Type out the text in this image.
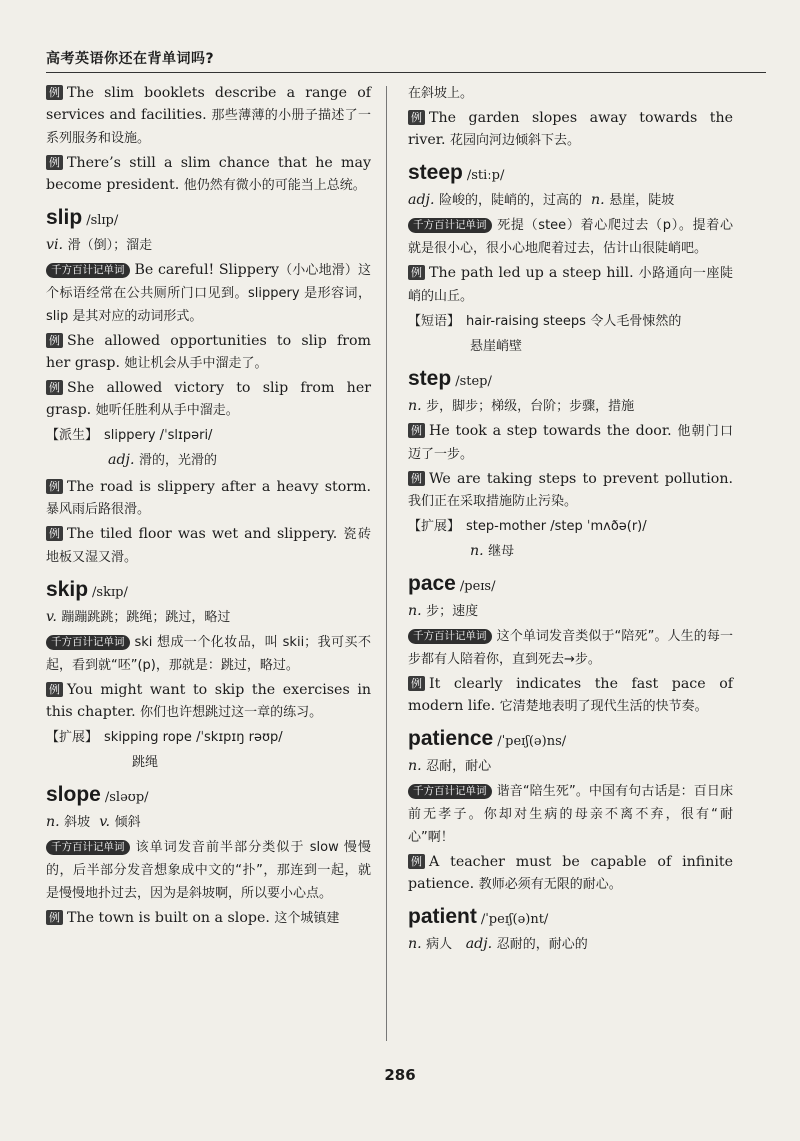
高考英语你还在背单词吗?

例 The slim booklets describe a range of services and facilities. 那些薄薄的小册子描述了一系列服务和设施。

例 There’s still a slim chance that he may become president. 他仍然有微小的可能当上总统。

slip /slɪp/

vi. 滑（倒）；溜走

千方百计记单词 Be careful! Slippery（小心地滑）这个标语经常在公共厕所门口见到。slippery 是形容词，slip 是其对应的动词形式。

例 She allowed opportunities to slip from her grasp. 她让机会从手中溜走了。

例 She allowed victory to slip from her grasp. 她听任胜利从手中溜走。

【派生】 slippery /ˈslɪpəri/

adj. 滑的，光滑的

例 The road is slippery after a heavy storm. 暴风雨后路很滑。

例 The tiled floor was wet and slippery. 瓷砖地板又湿又滑。

skip /skɪp/

v. 蹦蹦跳跳；跳绳；跳过，略过

千方百计记单词 ski 想成一个化妆品，叫 skii；我可买不起，看到就“呸”(p)，那就是：跳过，略过。

例 You might want to skip the exercises in this chapter. 你们也许想跳过这一章的练习。

【扩展】 skipping rope /ˈskɪpɪŋ rəʊp/

跳绳

slope /sləʊp/

n. 斜坡 v. 倾斜

千方百计记单词 该单词发音前半部分类似于 slow 慢慢的，后半部分发音想象成中文的“扑”，那连到一起，就是慢慢地扑过去，因为是斜坡啊，所以要小心点。

例 The town is built on a slope. 这个城镇建

在斜坡上。

例 The garden slopes away towards the river. 花园向河边倾斜下去。

steep /stiːp/

adj. 险峻的，陡峭的，过高的 n. 悬崖，陡坡

千方百计记单词 死提（stee）着心爬过去（p）。提着心就是很小心，很小心地爬着过去，估计山很陡峭吧。

例 The path led up a steep hill. 小路通向一座陡峭的山丘。

【短语】 hair-raising steeps 令人毛骨悚然的

悬崖峭壁

step /step/

n. 步，脚步；梯级，台阶；步骤，措施

例 He took a step towards the door. 他朝门口迈了一步。

例 We are taking steps to prevent pollution. 我们正在采取措施防止污染。

【扩展】 step-mother /step ˈmʌðə(r)/

n. 继母

pace /peɪs/

n. 步；速度

千方百计记单词 这个单词发音类似于“陪死”。人生的每一步都有人陪着你，直到死去→步。

例 It clearly indicates the fast pace of modern life. 它清楚地表明了现代生活的快节奏。

patience /ˈpeɪʃ(ə)ns/

n. 忍耐，耐心

千方百计记单词 谐音“陪生死”。中国有句古话是：百日床前无孝子。你却对生病的母亲不离不弃，很有“耐心”啊！

例 A teacher must be capable of infinite patience. 教师必须有无限的耐心。

patient /ˈpeɪʃ(ə)nt/

n. 病人 adj. 忍耐的，耐心的

286
